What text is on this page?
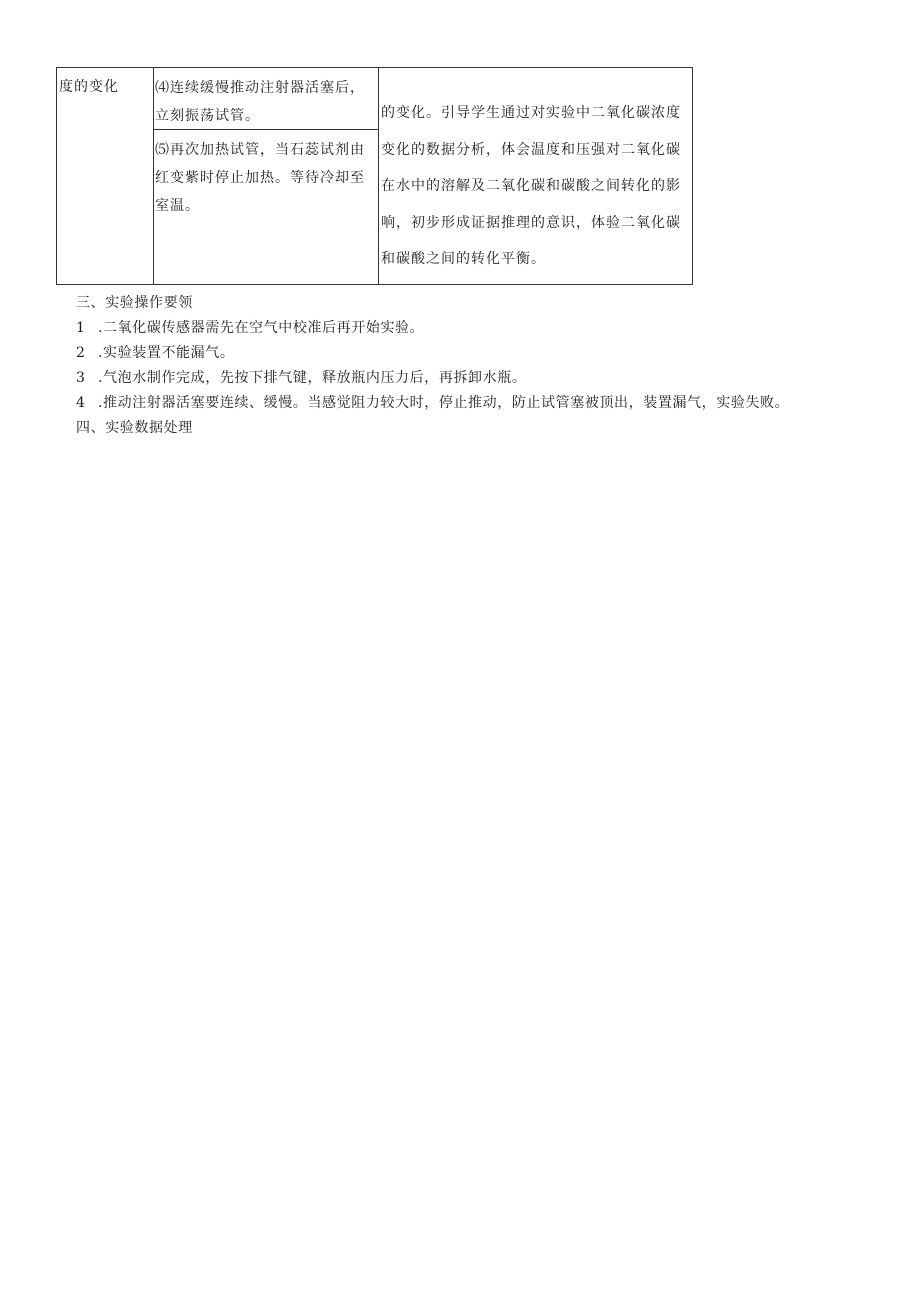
度的变化	⑷连续缓慢推动注射器活塞后，
立刻振荡试管。
⑸再次加热试管，当石蕊试剂由
红变紫时停止加热。等待冷却至
室温。
的变化。引导学生通过对实验中二氧化碳浓度
变化的数据分析，体会温度和压强对二氧化碳
在水中的溶解及二氧化碳和碳酸之间转化的影
响，初步形成证据推理的意识，体验二氧化碳
和碳酸之间的转化平衡。
三、实验操作要领
1 .二氧化碳传感器需先在空气中校准后再开始实验。
2 .实验装置不能漏气。
3 .气泡水制作完成，先按下排气键，释放瓶内压力后，再拆卸水瓶。
4 .推动注射器活塞要连续、缓慢。当感觉阻力较大时，停止推动，防止试管塞被顶出，装置漏气，实验失败。
四、实验数据处理
